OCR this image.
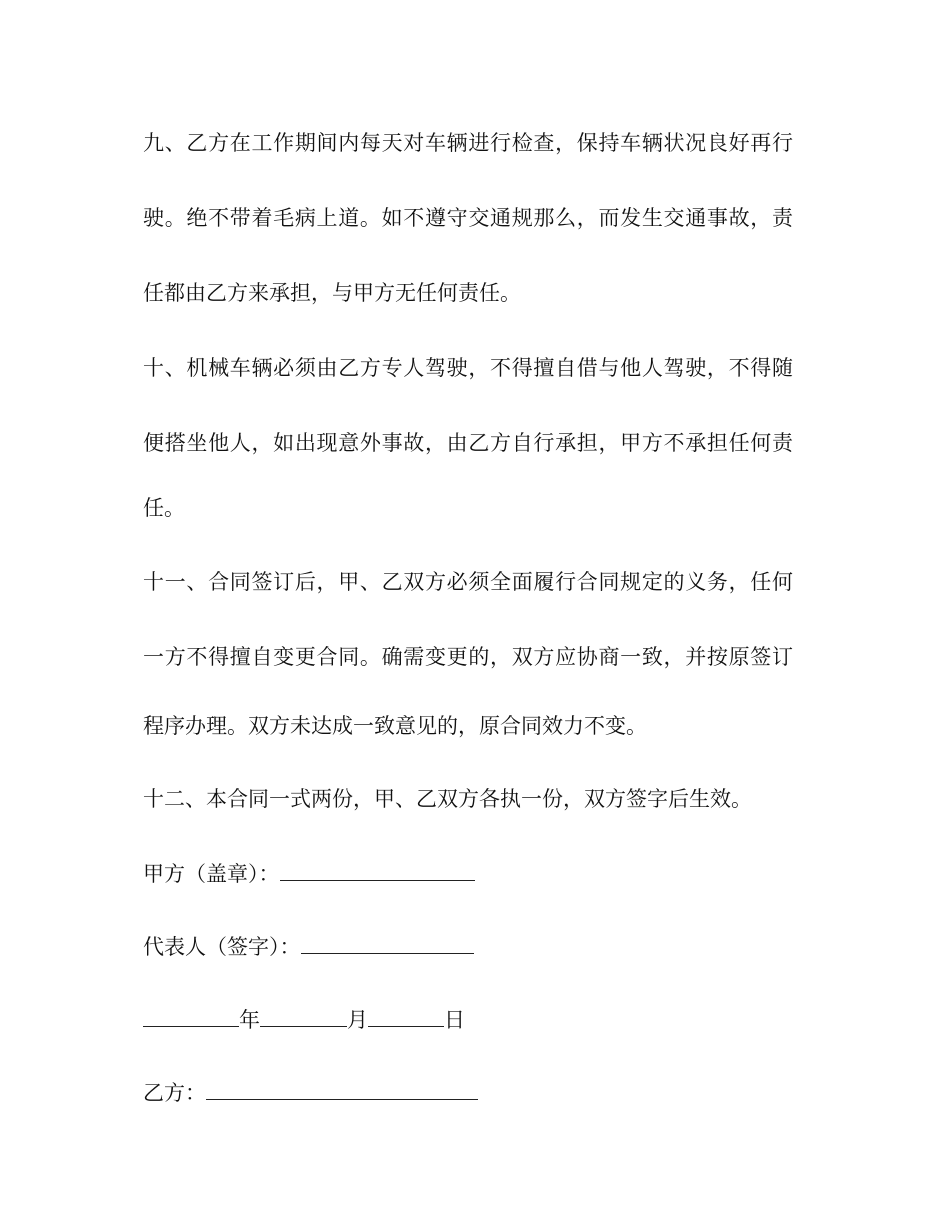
九、乙方在工作期间内每天对车辆进行检查，保持车辆状况良好再行
驶。绝不带着毛病上道。如不遵守交通规那么，而发生交通事故，责
任都由乙方来承担，与甲方无任何责任。
十、机械车辆必须由乙方专人驾驶，不得擅自借与他人驾驶，不得随
便搭坐他人，如出现意外事故，由乙方自行承担，甲方不承担任何责
任。
十一、合同签订后，甲、乙双方必须全面履行合同规定的义务，任何
一方不得擅自变更合同。确需变更的，双方应协商一致，并按原签订
程序办理。双方未达成一致意见的，原合同效力不变。
十二、本合同一式两份，甲、乙双方各执一份，双方签字后生效。
甲方（盖章）：
代表人（签字）：
年	月	日
乙方：
